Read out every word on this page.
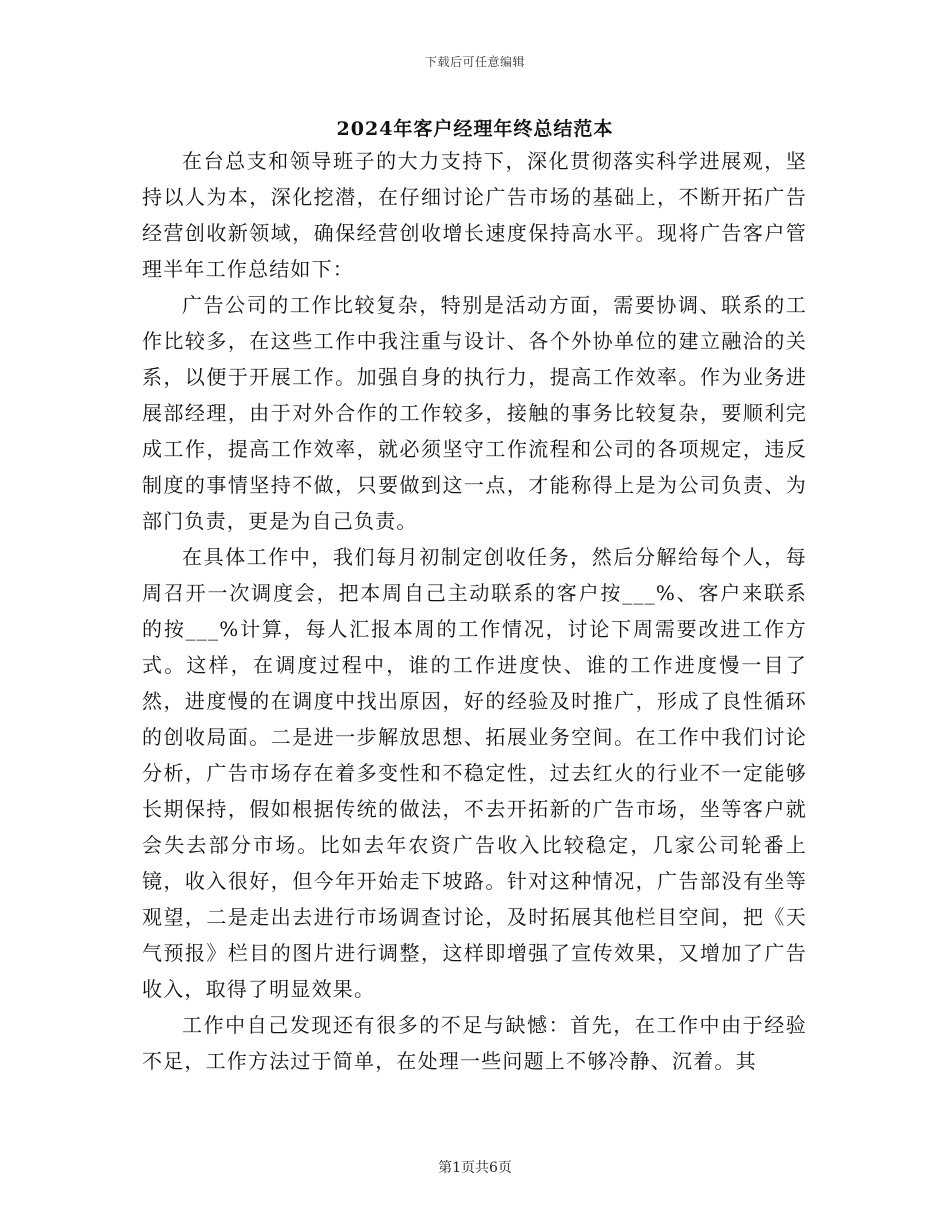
下载后可任意编辑
2024年客户经理年终总结范本

在台总支和领导班子的大力支持下，深化贯彻落实科学进展观，坚持以人为本，深化挖潜，在仔细讨论广告市场的基础上，不断开拓广告经营创收新领域，确保经营创收增长速度保持高水平。现将广告客户管理半年工作总结如下：

广告公司的工作比较复杂，特别是活动方面，需要协调、联系的工作比较多，在这些工作中我注重与设计、各个外协单位的建立融洽的关系，以便于开展工作。加强自身的执行力，提高工作效率。作为业务进展部经理，由于对外合作的工作较多，接触的事务比较复杂，要顺利完成工作，提高工作效率，就必须坚守工作流程和公司的各项规定，违反制度的事情坚持不做，只要做到这一点，才能称得上是为公司负责、为部门负责，更是为自己负责。

在具体工作中，我们每月初制定创收任务，然后分解给每个人，每周召开一次调度会，把本周自己主动联系的客户按___%、客户来联系的按___%计算，每人汇报本周的工作情况，讨论下周需要改进工作方式。这样，在调度过程中，谁的工作进度快、谁的工作进度慢一目了然，进度慢的在调度中找出原因，好的经验及时推广，形成了良性循环的创收局面。二是进一步解放思想、拓展业务空间。在工作中我们讨论分析，广告市场存在着多变性和不稳定性，过去红火的行业不一定能够长期保持，假如根据传统的做法，不去开拓新的广告市场，坐等客户就会失去部分市场。比如去年农资广告收入比较稳定，几家公司轮番上镜，收入很好，但今年开始走下坡路。针对这种情况，广告部没有坐等观望，二是走出去进行市场调查讨论，及时拓展其他栏目空间，把《天气预报》栏目的图片进行调整，这样即增强了宣传效果，又增加了广告收入，取得了明显效果。

工作中自己发现还有很多的不足与缺憾：首先，在工作中由于经验不足，工作方法过于简单，在处理一些问题上不够冷静、沉着。其

第1页共6页
